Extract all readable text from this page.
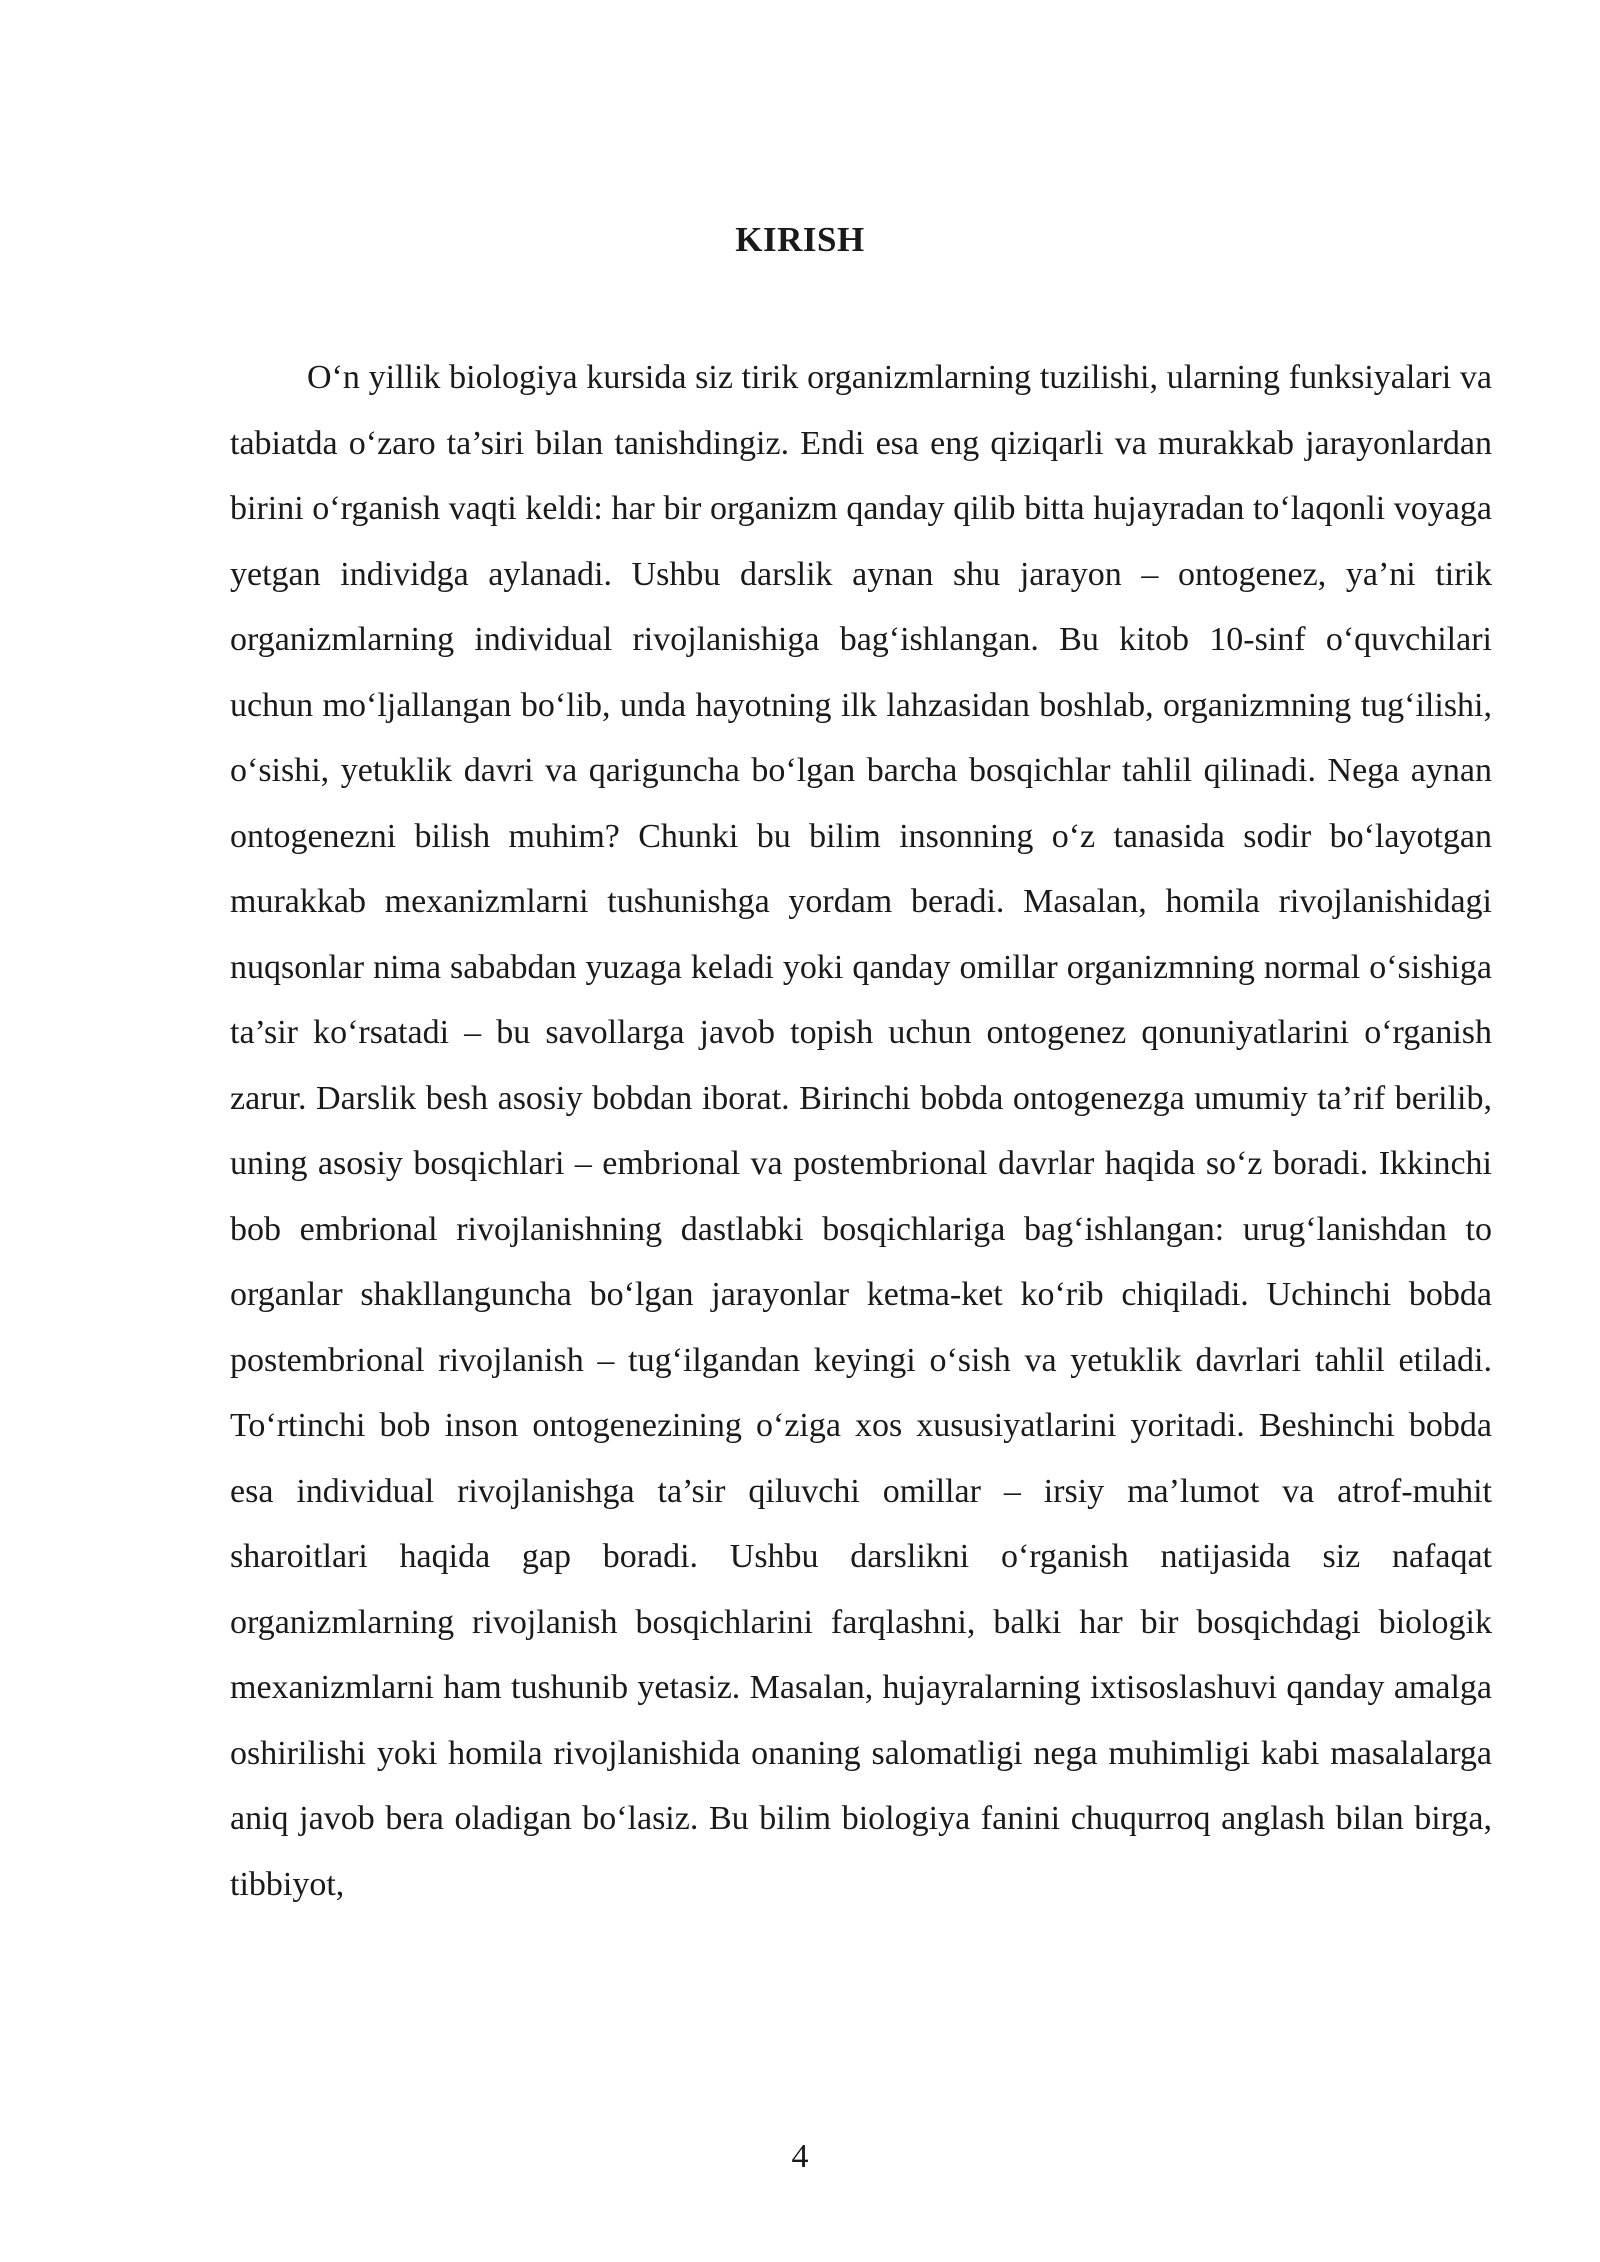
KIRISH

O‘n yillik biologiya kursida siz tirik organizmlarning tuzilishi, ularning funksiyalari va tabiatda o‘zaro ta’siri bilan tanishdingiz. Endi esa eng qiziqarli va murakkab jarayonlardan birini o‘rganish vaqti keldi: har bir organizm qanday qilib bitta hujayradan to‘laqonli voyaga yetgan individga aylanadi. Ushbu darslik aynan shu jarayon – ontogenez, ya’ni tirik organizmlarning individual rivojlanishiga bag‘ishlangan. Bu kitob 10-sinf o‘quvchilari uchun mo‘ljallangan bo‘lib, unda hayotning ilk lahzasidan boshlab, organizmning tug‘ilishi, o‘sishi, yetuklik davri va qariguncha bo‘lgan barcha bosqichlar tahlil qilinadi. Nega aynan ontogenezni bilish muhim? Chunki bu bilim insonning o‘z tanasida sodir bo‘layotgan murakkab mexanizmlarni tushunishga yordam beradi. Masalan, homila rivojlanishidagi nuqsonlar nima sababdan yuzaga keladi yoki qanday omillar organizmning normal o‘sishiga ta’sir ko‘rsatadi – bu savollarga javob topish uchun ontogenez qonuniyatlarini o‘rganish zarur. Darslik besh asosiy bobdan iborat. Birinchi bobda ontogenezga umumiy ta’rif berilib, uning asosiy bosqichlari – embrional va postembrional davrlar haqida so‘z boradi. Ikkinchi bob embrional rivojlanishning dastlabki bosqichlariga bag‘ishlangan: urug‘lanishdan to organlar shakllanguncha bo‘lgan jarayonlar ketma-ket ko‘rib chiqiladi. Uchinchi bobda postembrional rivojlanish – tug‘ilgandan keyingi o‘sish va yetuklik davrlari tahlil etiladi. To‘rtinchi bob inson ontogenezining o‘ziga xos xususiyatlarini yoritadi. Beshinchi bobda esa individual rivojlanishga ta’sir qiluvchi omillar – irsiy ma’lumot va atrof-muhit sharoitlari haqida gap boradi. Ushbu darslikni o‘rganish natijasida siz nafaqat organizmlarning rivojlanish bosqichlarini farqlashni, balki har bir bosqichdagi biologik mexanizmlarni ham tushunib yetasiz. Masalan, hujayralarning ixtisoslashuvi qanday amalga oshirilishi yoki homila rivojlanishida onaning salomatligi nega muhimligi kabi masalalarga aniq javob bera oladigan bo‘lasiz. Bu bilim biologiya fanini chuqurroq anglash bilan birga, tibbiyot,

4
